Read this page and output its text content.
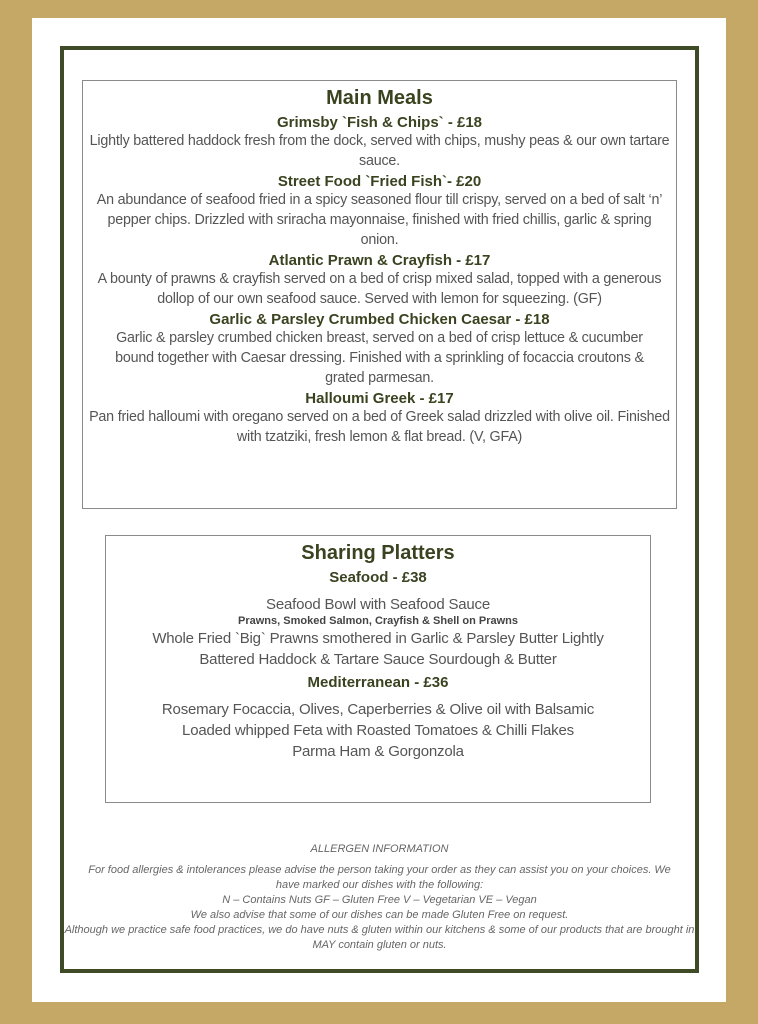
Main Meals
Grimsby `Fish & Chips` - £18

Lightly battered haddock fresh from the dock, served with chips, mushy peas & our own tartare sauce.

Street Food `Fried Fish`- £20

An abundance of seafood fried in a spicy seasoned flour till crispy, served on a bed of salt ‘n’ pepper chips. Drizzled with sriracha mayonnaise, finished with fried chillis, garlic & spring onion.

Atlantic Prawn & Crayfish - £17

A bounty of prawns & crayfish served on a bed of crisp mixed salad, topped with a generous dollop of our own seafood sauce. Served with lemon for squeezing. (GF)

Garlic & Parsley Crumbed Chicken Caesar - £18

Garlic & parsley crumbed chicken breast, served on a bed of crisp lettuce & cucumber bound together with Caesar dressing. Finished with a sprinkling of focaccia croutons & grated parmesan.

Halloumi Greek - £17

Pan fried halloumi with oregano served on a bed of Greek salad drizzled with olive oil. Finished with tzatziki, fresh lemon & flat bread. (V, GFA)

Sharing Platters
Seafood - £38

Seafood Bowl with Seafood Sauce

Prawns, Smoked Salmon, Crayfish & Shell on Prawns

Whole Fried `Big` Prawns smothered in Garlic & Parsley Butter Lightly Battered Haddock & Tartare Sauce Sourdough & Butter

Mediterranean - £36

Rosemary Focaccia, Olives, Caperberries & Olive oil with Balsamic

Loaded whipped Feta with Roasted Tomatoes & Chilli Flakes

Parma Ham & Gorgonzola

ALLERGEN INFORMATION
For food allergies & intolerances please advise the person taking your order as they can assist you on your choices. We have marked our dishes with the following:
N – Contains Nuts GF – Gluten Free V – Vegetarian VE – Vegan
We also advise that some of our dishes can be made Gluten Free on request.
Although we practice safe food practices, we do have nuts & gluten within our kitchens & some of our products that are brought in MAY contain gluten or nuts.
